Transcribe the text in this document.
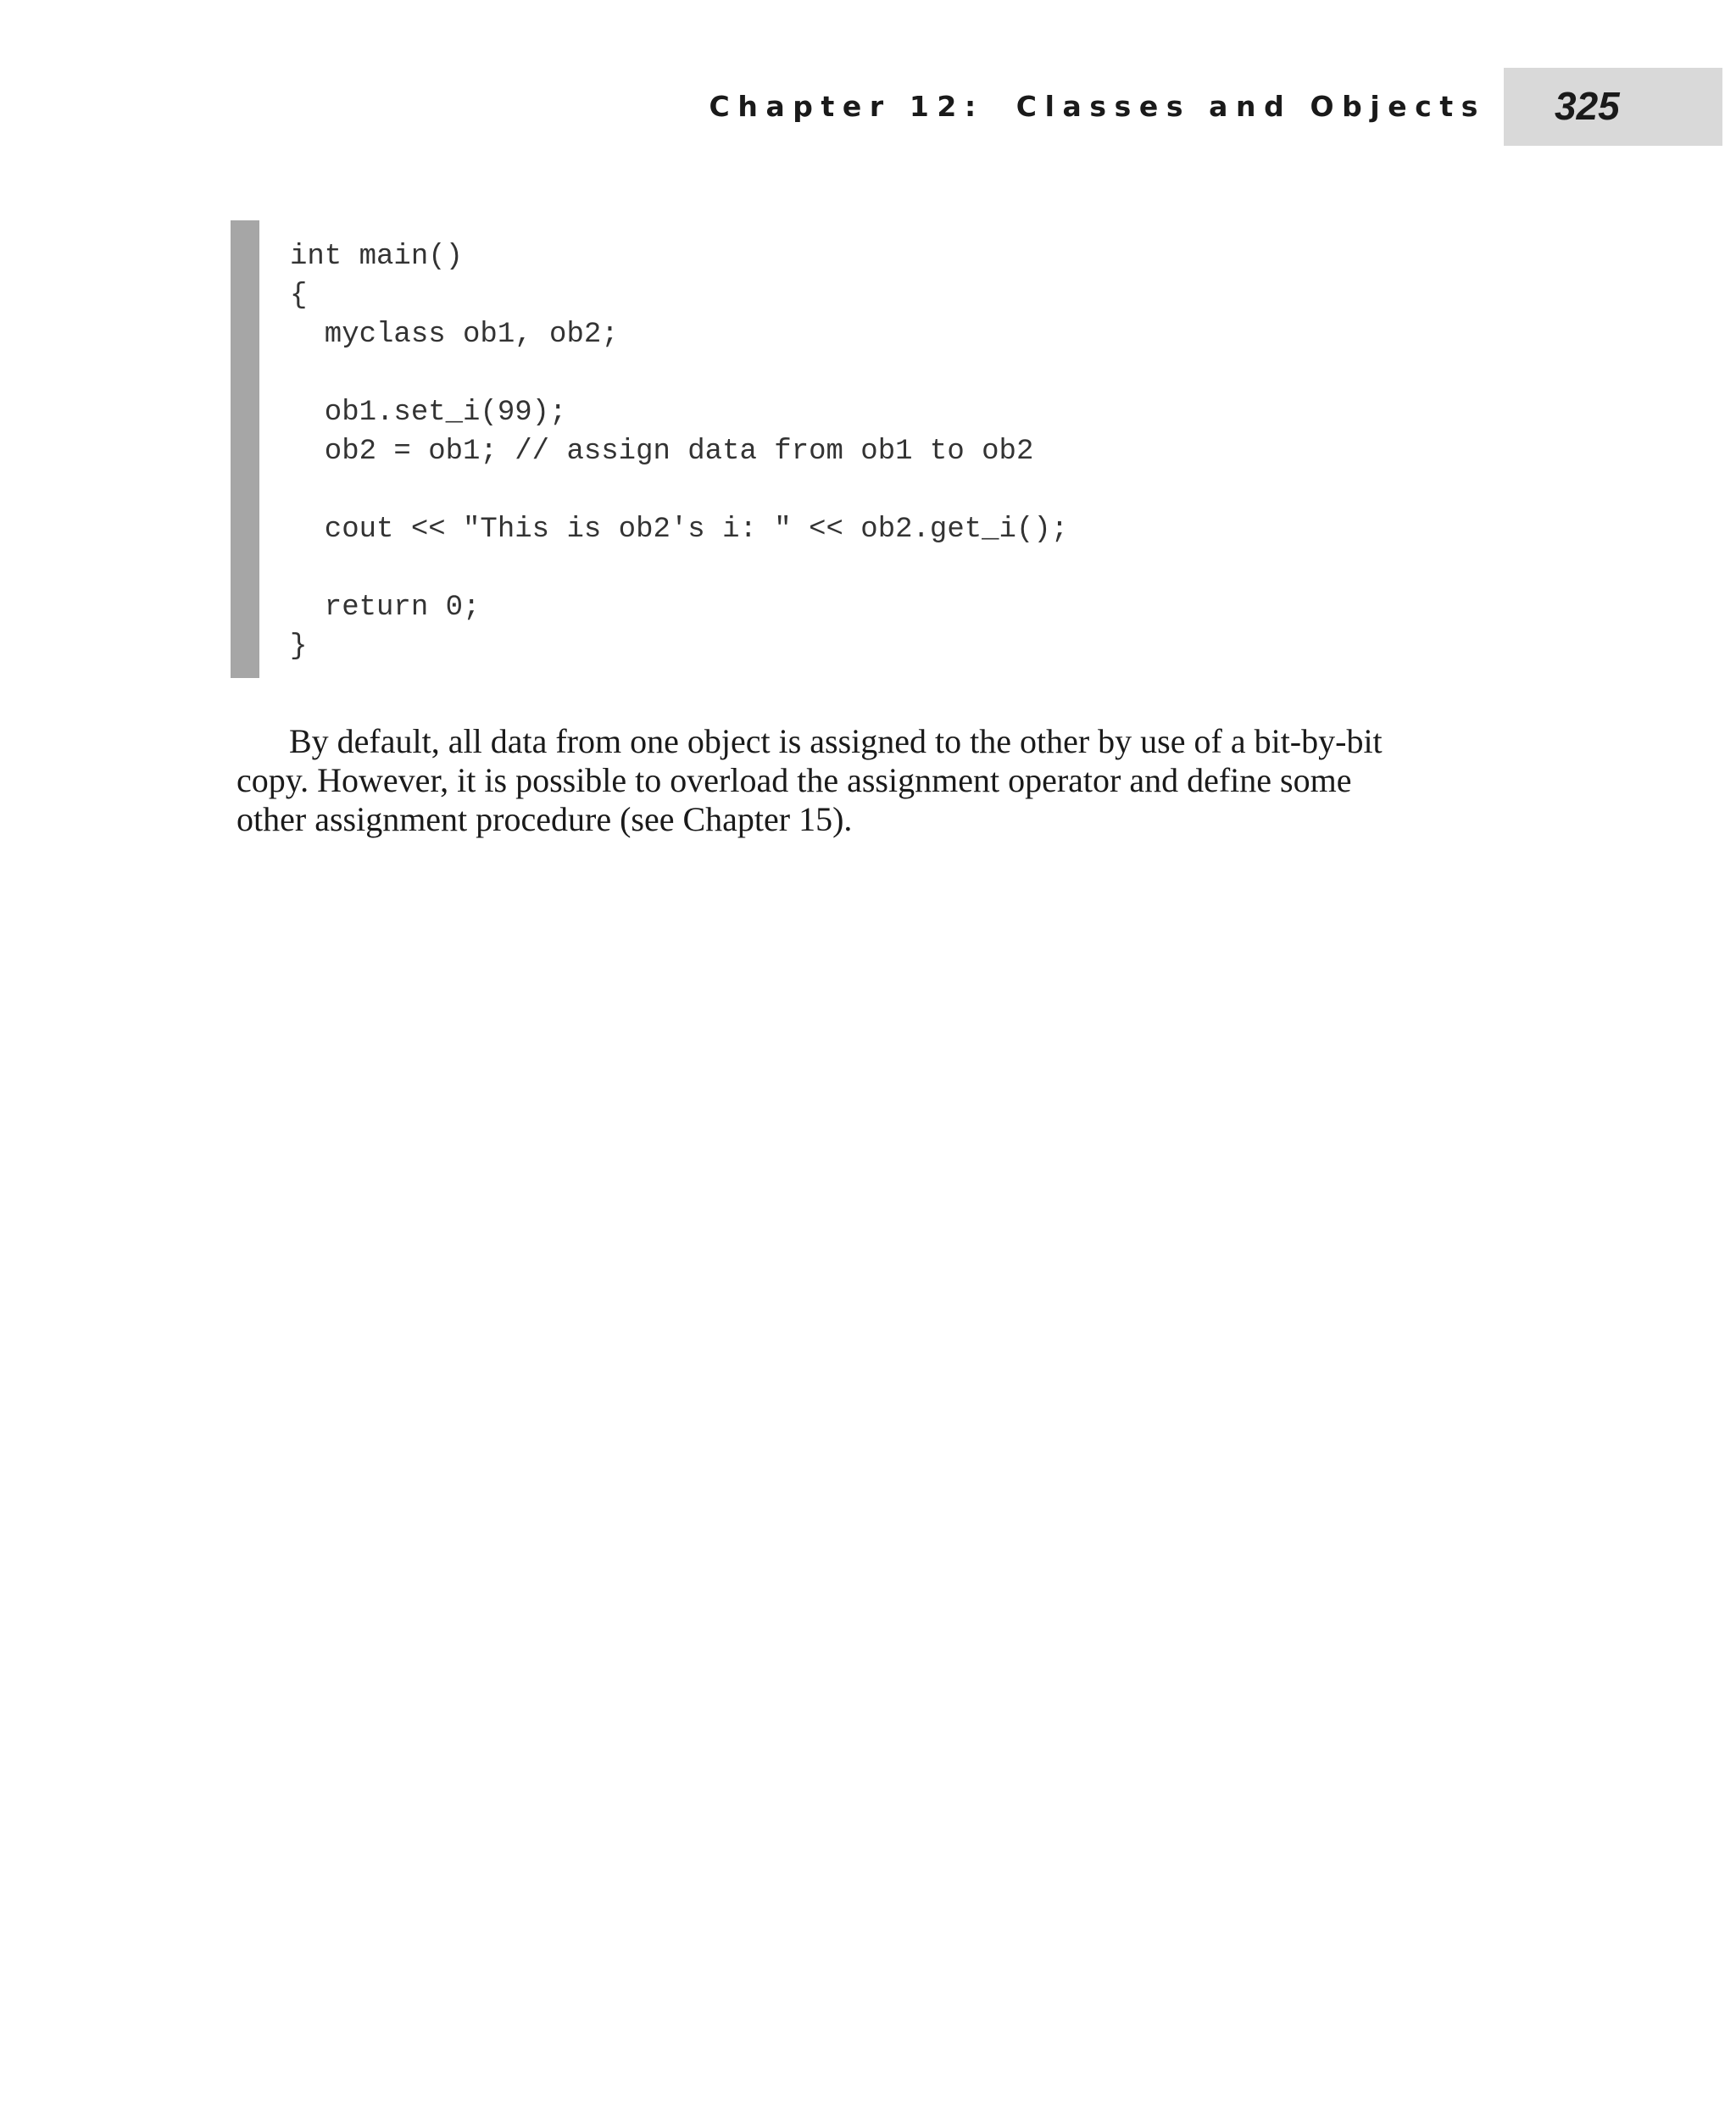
Chapter 12: Classes and Objects 325
int main()
{
myclass ob1, ob2;
ob1.set_i(99);
ob2 = ob1; // assign data from ob1 to ob2
cout << "This is ob2's i: " << ob2.get_i();
return 0;
}

By default, all data from one object is assigned to the other by use of a bit-by-bit
copy. However, it is possible to overload the assignment operator and define some
other assignment procedure (see Chapter 15).
